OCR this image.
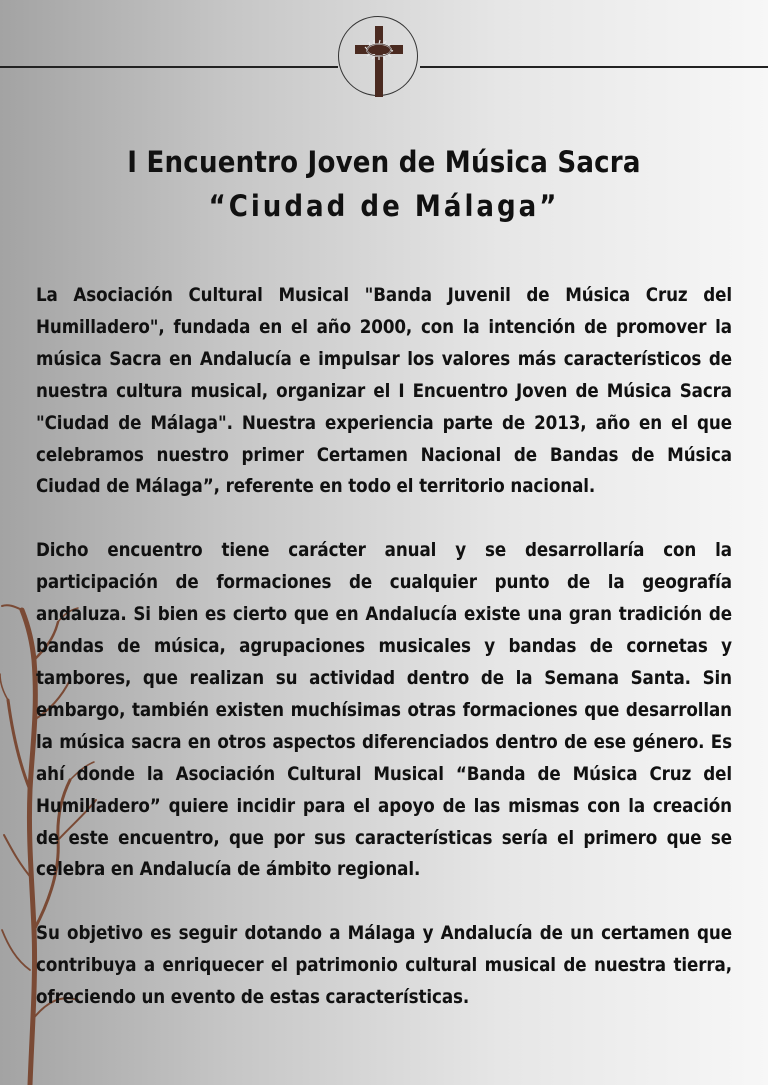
I Encuentro Joven de Música Sacra
“Ciudad de Málaga”

La Asociación Cultural Musical "Banda Juvenil de Música Cruz del Humilladero", fundada en el año 2000, con la intención de promover la música Sacra en Andalucía e impulsar los valores más característicos de nuestra cultura musical, organizar el I Encuentro Joven de Música Sacra "Ciudad de Málaga". Nuestra experiencia parte de 2013, año en el que celebramos nuestro primer Certamen Nacional de Bandas de Música Ciudad de Málaga”, referente en todo el territorio nacional.

Dicho encuentro tiene carácter anual y se desarrollaría con la participación de formaciones de cualquier punto de la geografía andaluza. Si bien es cierto que en Andalucía existe una gran tradición de bandas de música, agrupaciones musicales y bandas de cornetas y tambores, que realizan su actividad dentro de la Semana Santa. Sin embargo, también existen muchísimas otras formaciones que desarrollan la música sacra en otros aspectos diferenciados dentro de ese género. Es ahí donde la Asociación Cultural Musical “Banda de Música Cruz del Humilladero” quiere incidir para el apoyo de las mismas con la creación de este encuentro, que por sus características sería el primero que se celebra en Andalucía de ámbito regional.

Su objetivo es seguir dotando a Málaga y Andalucía de un certamen que contribuya a enriquecer el patrimonio cultural musical de nuestra tierra, ofreciendo un evento de estas características.
